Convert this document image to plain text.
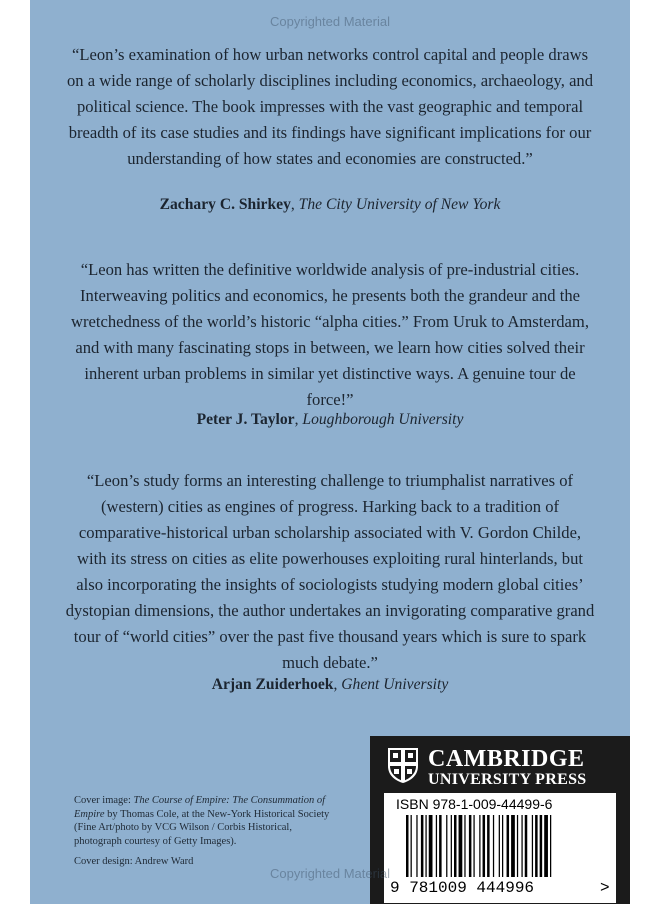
Copyrighted Material
“Leon’s examination of how urban networks control capital and people draws on a wide range of scholarly disciplines including economics, archaeology, and political science. The book impresses with the vast geographic and temporal breadth of its case studies and its findings have significant implications for our understanding of how states and economies are constructed.”
Zachary C. Shirkey, The City University of New York
“Leon has written the definitive worldwide analysis of pre-industrial cities. Interweaving politics and economics, he presents both the grandeur and the wretchedness of the world’s historic “alpha cities.” From Uruk to Amsterdam, and with many fascinating stops in between, we learn how cities solved their inherent urban problems in similar yet distinctive ways. A genuine tour de force!”
Peter J. Taylor, Loughborough University
“Leon’s study forms an interesting challenge to triumphalist narratives of (western) cities as engines of progress. Harking back to a tradition of comparative-historical urban scholarship associated with V. Gordon Childe, with its stress on cities as elite powerhouses exploiting rural hinterlands, but also incorporating the insights of sociologists studying modern global cities’ dystopian dimensions, the author undertakes an invigorating comparative grand tour of “world cities” over the past five thousand years which is sure to spark much debate.”
Arjan Zuiderhoek, Ghent University

Cover image: The Course of Empire: The Consummation of Empire by Thomas Cole, at the New-York Historical Society (Fine Art/photo by VCG Wilson / Corbis Historical, photograph courtesy of Getty Images).

Cover design: Andrew Ward

CAMBRIDGE
UNIVERSITY PRESS
ISBN 978-1-009-44499-6
9 781009 444996	>
Copyrighted Material
